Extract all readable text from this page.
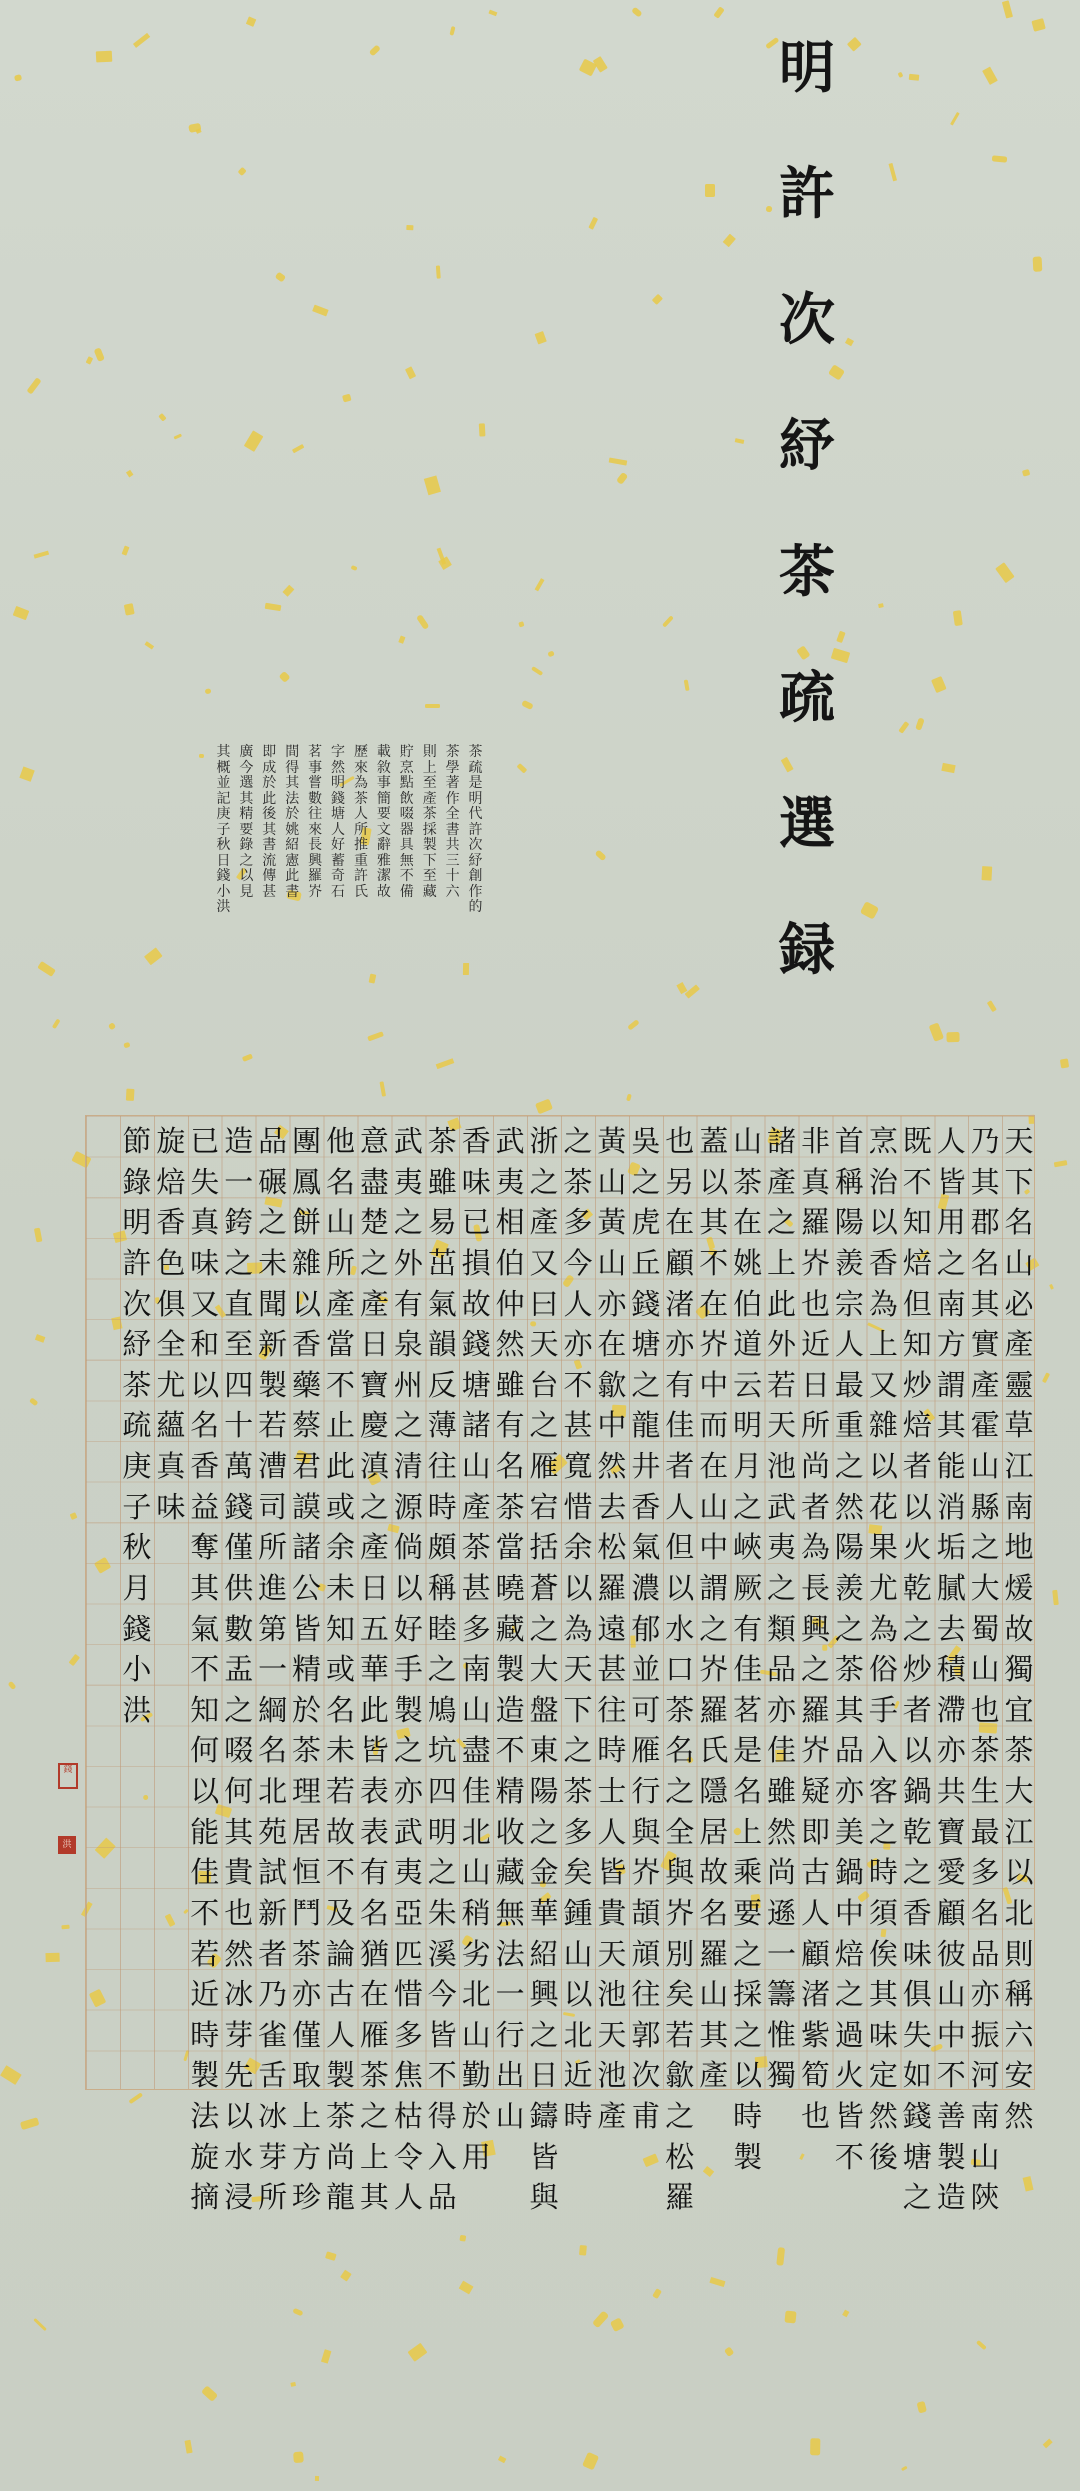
明
許
次
紓
茶
疏
選
録
茶疏是明代許次紓創作的
茶學著作全書共三十六
則上至產茶採製下至藏
貯烹點飲啜器具無不備
載敘事簡要文辭雅潔故
歷來為茶人所推重許氏
字然明錢塘人好蓄奇石
茗事嘗數往來長興羅岕
間得其法於姚紹憲此書
即成於此後其書流傳甚
廣今選其精要錄之以見
其概並記庚子秋日錢小洪
天下名山必產靈草江南地煖故獨宜茶大江以北則稱六安然
乃其郡名其實產霍山縣之大蜀山也茶生最多名品亦振河南山陝
人皆用之南方謂其能消垢膩去積滯亦共寶愛顧彼山中不善製造
既不知焙但知炒焙者以火乾之炒者以鍋乾之香味俱失如錢塘之
烹治以香為上又雜以花果尤為俗手入客之時須俟其味定然後
首稱陽羨宗人最重之然陽羨之茶其品亦美鍋中焙之過火皆不
非真羅岕也近日所尚者為長興之羅岕疑即古人顧渚紫筍也
諸產之上此外若天池武夷之類品亦佳雖然尚遜一籌惟獨
山茶在姚伯道云明月之峽厥有佳茗是名上乘要之採之以時製
蓋以其不在岕中而在山中謂之岕羅氏隱居故名羅山其產
也另在顧渚亦有佳者人但以水口茶名之全與岕別矣若歙之松羅
吳之虎丘錢塘之龍井香氣濃郁並可雁行與岕頡頏往郭次甫
黃山黃山亦在歙中然去松羅遠甚往時士人皆貴天池天池產
之茶多今人亦不甚寬惜余以為天下之茶多矣鍾山以北近時
浙之產又曰天台之雁宕括蒼之大盤東陽之金華紹興之日鑄皆與
武夷相伯仲然雖有名茶當曉藏製造不精收藏無法一行出山
香味已損故錢塘諸山產茶甚多南山盡佳北山稍劣北山勤於用
茶雖易茁氣韻反薄往時頗稱睦之鳩坑四明之朱溪今皆不得入品
武夷之外有泉州之清源倘以好手製之亦武夷亞匹惜多焦枯令人
意盡楚之產日寶慶滇之產日五華此皆表表有名猶在雁茶之上其
他名山所產當不止此或余未知或名未若故不及論古人製茶尚龍
團鳳餅雜以香藥蔡君謨諸公皆精於茶理居恒鬥茶亦僅取上方珍
品碾之未聞新製若漕司所進第一綱名北苑試新者乃雀舌冰芽所
造一銙之直至四十萬錢僅供數盂之啜何其貴也然冰芽先以水浸
已失真味又和以名香益奪其氣不知何以能佳不若近時製法旋摘
旋焙香色俱全尤蘊真味
節錄明許次紓茶疏庚子秋月錢小洪
錢
洪
